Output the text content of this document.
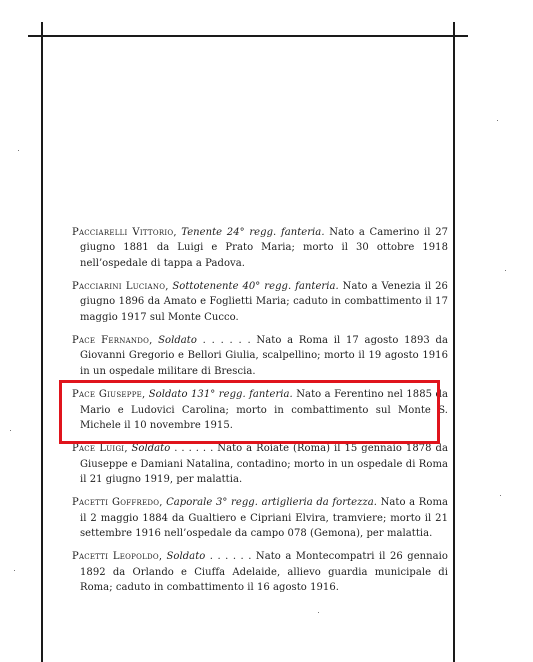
Pacciarelli Vittorio, Tenente 24° regg. fanteria. Nato a Camerino il 27 giugno 1881 da Luigi e Prato Maria; morto il 30 ottobre 1918 nell’ospedale di tappa a Padova.
Pacciarini Luciano, Sottotenente 40° regg. fanteria. Nato a Venezia il 26 giugno 1896 da Amato e Foglietti Maria; caduto in combattimento il 17 maggio 1917 sul Monte Cucco.
Pace Fernando, Soldato . . . . . . Nato a Roma il 17 agosto 1893 da Giovanni Gregorio e Bellori Giulia, scalpellino; morto il 19 agosto 1916 in un ospedale militare di Brescia.
Pace Giuseppe, Soldato 131° regg. fanteria. Nato a Ferentino nel 1885 da Mario e Ludovici Carolina; morto in combattimento sul Monte S. Michele il 10 novembre 1915.
Pace Luigi, Soldato . . . . . . Nato a Roiate (Roma) il 15 gennaio 1878 da Giuseppe e Damiani Natalina, contadino; morto in un ospedale di Roma il 21 giugno 1919, per malattia.
Pacetti Goffredo, Caporale 3° regg. artiglieria da fortezza. Nato a Roma il 2 maggio 1884 da Gualtiero e Cipriani Elvira, tramviere; morto il 21 settembre 1916 nell’ospedale da campo 078 (Gemona), per malattia.
Pacetti Leopoldo, Soldato . . . . . . Nato a Montecompatri il 26 gennaio 1892 da Orlando e Ciuffa Adelaide, allievo guardia municipale di Roma; caduto in combattimento il 16 agosto 1916.
